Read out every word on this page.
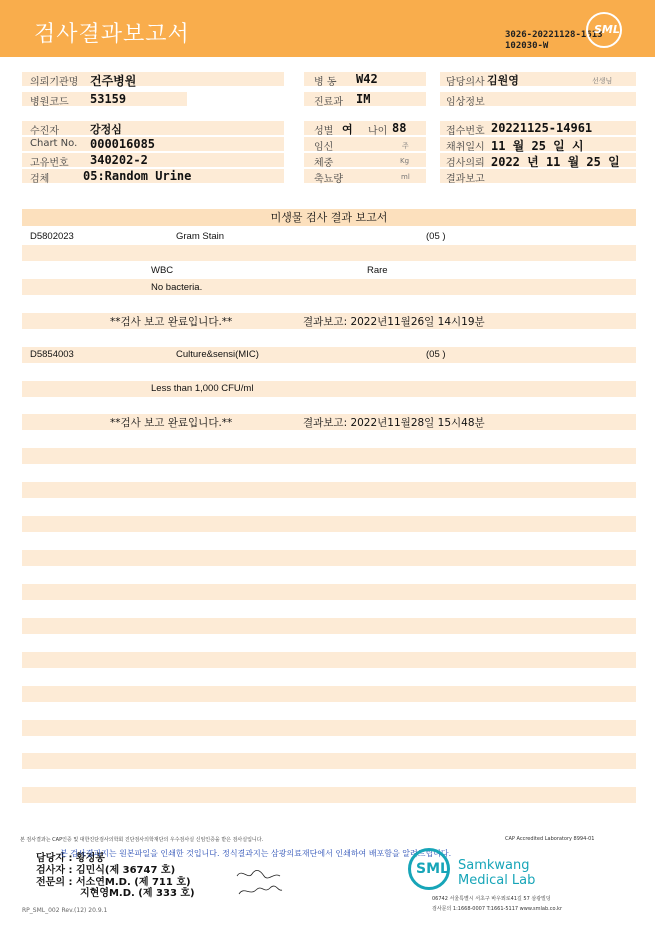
검사결과보고서	3026-20221128-1613
102030-W
SML
의뢰기관명 건주병원
병원코드 53159
병 동 W42
진료과 IM
담당의사 김원영	선생님
임상정보
수진자	강정심
Chart No. 000016085
고유번호 340202-2
검체	05:Random Urine
성별 여 나이 88
임신	주
체중	Kg
축뇨량	ml
접수번호 20221125-14961
채취일시 11 월 25 일 시
검사의뢰 2022 년 11 월 25 일
결과보고
미생물 검사 결과 보고서
D5802023	Gram Stain	(05 )
WBC	Rare
No bacteria.
**검사 보고 완료입니다.**	결과보고: 2022년11월26일 14시19분
D5854003	Culture&sensi(MIC)	(05 )
Less than 1,000 CFU/ml
**검사 보고 완료입니다.**	결과보고: 2022년11월28일 15시48분
본 검사결과는 CAP인증 및 대한진단검사의학회 진단검사의학재단의 우수검사실 신임인증을 받은 검사실입니다.	CAP Accredited Laboratory 8994-01
담당자 : 황정봉
본 검사결과지는 원본파일을 인쇄한 것입니다. 정식결과지는 삼광의료재단에서 인쇄하여 배포함을 알려드립니다.
검사자 : 김민식(제 36747 호)
전문의 : 서소연M.D. (제 711 호)
지현영M.D. (제 333 호)
SML Samkwang
Medical Lab
06742 서울특별시 서초구 바우뫼로41길 57 삼광빌딩
검사문의 1:1668-0007 T:1661-5117 www.smlab.co.kr
RP_SML_002 Rev.(12) 20.9.1
